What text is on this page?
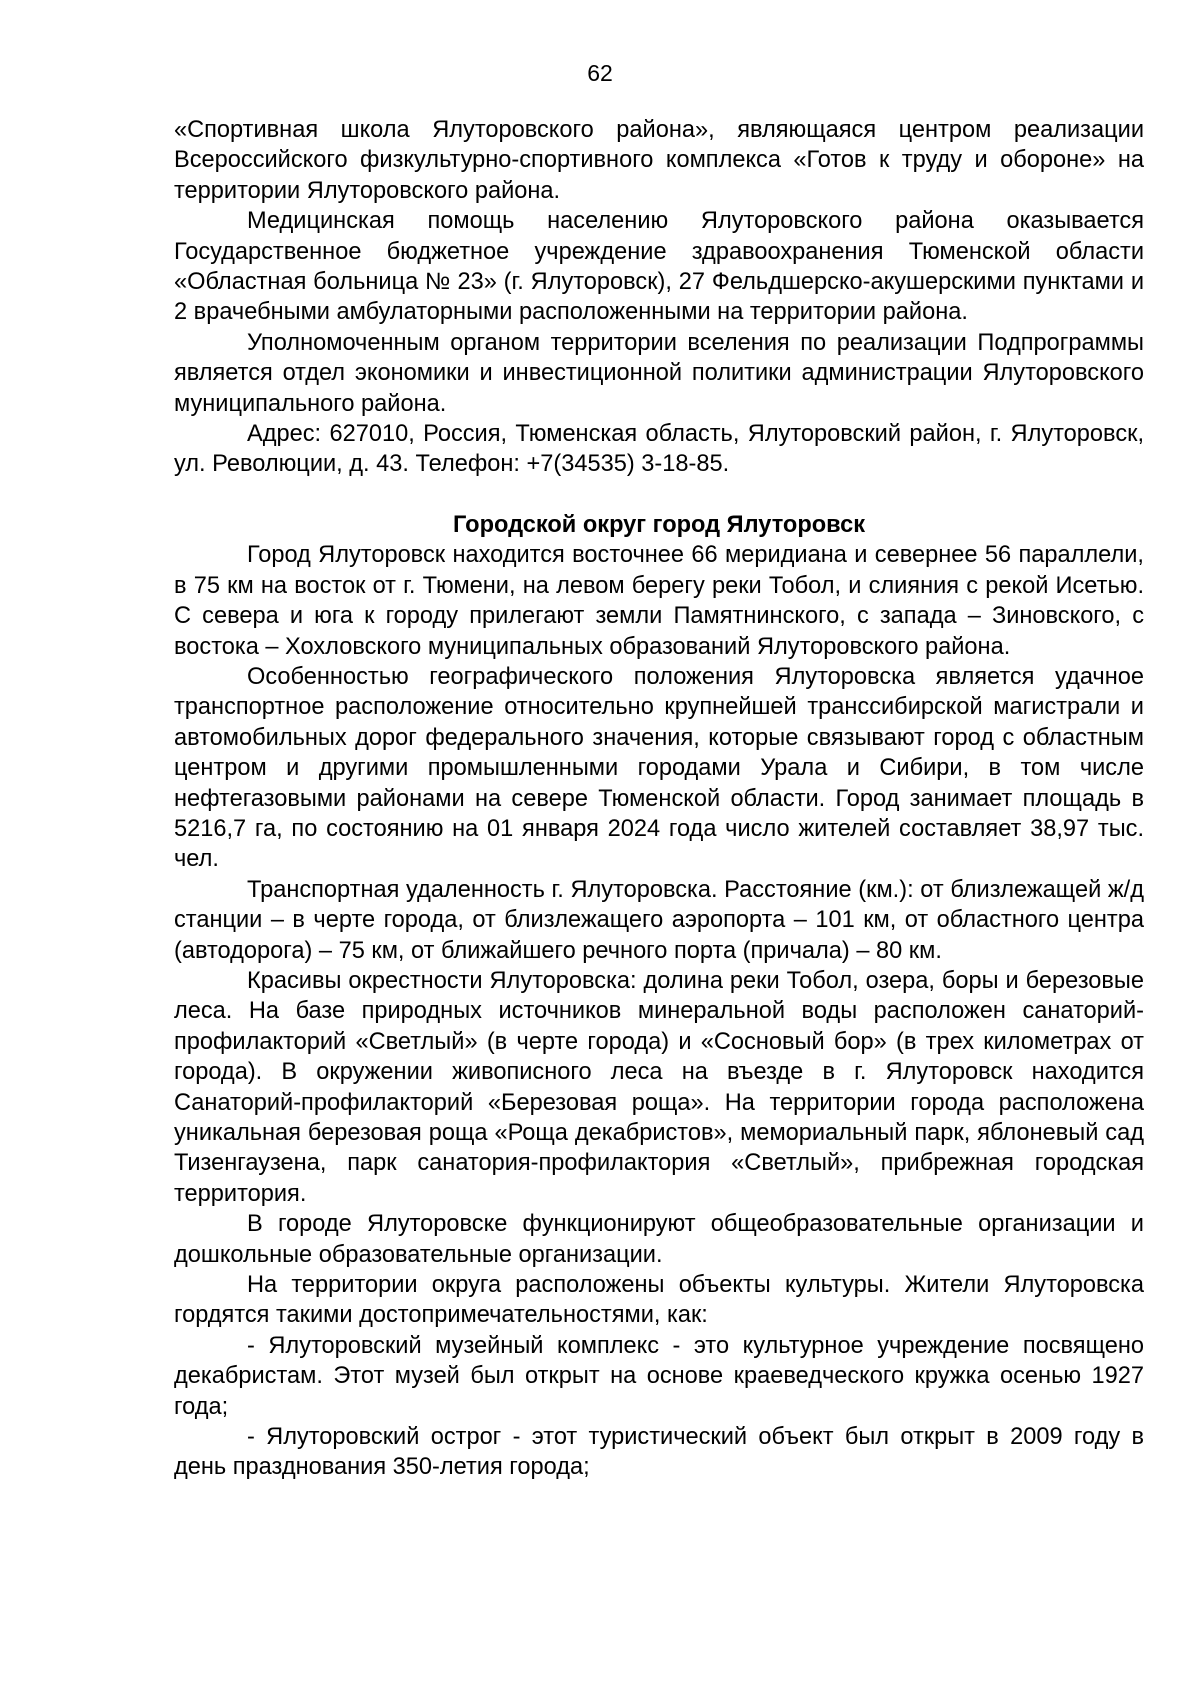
62

«Спортивная школа Ялуторовского района», являющаяся центром реализации Всероссийского физкультурно-спортивного комплекса «Готов к труду и обороне» на территории Ялуторовского района.

Медицинская помощь населению Ялуторовского района оказывается Государственное бюджетное учреждение здравоохранения Тюменской области «Областная больница № 23» (г. Ялуторовск), 27 Фельдшерско-акушерскими пунктами и 2 врачебными амбулаторными расположенными на территории района.

Уполномоченным органом территории вселения по реализации Подпрограммы является отдел экономики и инвестиционной политики администрации Ялуторовского муниципального района.

Адрес: 627010, Россия, Тюменская область, Ялуторовский район, г. Ялуторовск, ул. Революции, д. 43. Телефон: +7(34535) 3-18-85.

Городской округ город Ялуторовск

Город Ялуторовск находится восточнее 66 меридиана и севернее 56 параллели, в 75 км на восток от г. Тюмени, на левом берегу реки Тобол, и слияния с рекой Исетью. С севера и юга к городу прилегают земли Памятнинского, с запада – Зиновского, с востока – Хохловского муниципальных образований Ялуторовского района.

Особенностью географического положения Ялуторовска является удачное транспортное расположение относительно крупнейшей транссибирской магистрали и автомобильных дорог федерального значения, которые связывают город с областным центром и другими промышленными городами Урала и Сибири, в том числе нефтегазовыми районами на севере Тюменской области. Город занимает площадь в 5216,7 га, по состоянию на 01 января 2024 года число жителей составляет 38,97 тыс. чел.

Транспортная удаленность г. Ялуторовска. Расстояние (км.): от близлежащей ж/д станции – в черте города, от близлежащего аэропорта – 101 км, от областного центра (автодорога) – 75 км, от ближайшего речного порта (причала) – 80 км.

Красивы окрестности Ялуторовска: долина реки Тобол, озера, боры и березовые леса. На базе природных источников минеральной воды расположен санаторий-профилакторий «Светлый» (в черте города) и «Сосновый бор» (в трех километрах от города). В окружении живописного леса на въезде в г. Ялуторовск находится Санаторий-профилакторий «Березовая роща». На территории города расположена уникальная березовая роща «Роща декабристов», мемориальный парк, яблоневый сад Тизенгаузена, парк санатория-профилактория «Светлый», прибрежная городская территория.

В городе Ялуторовске функционируют общеобразовательные организации и дошкольные образовательные организации.

На территории округа расположены объекты культуры. Жители Ялуторовска гордятся такими достопримечательностями, как:

- Ялуторовский музейный комплекс - это культурное учреждение посвящено декабристам. Этот музей был открыт на основе краеведческого кружка осенью 1927 года;

- Ялуторовский острог - этот туристический объект был открыт в 2009 году в день празднования 350-летия города;
